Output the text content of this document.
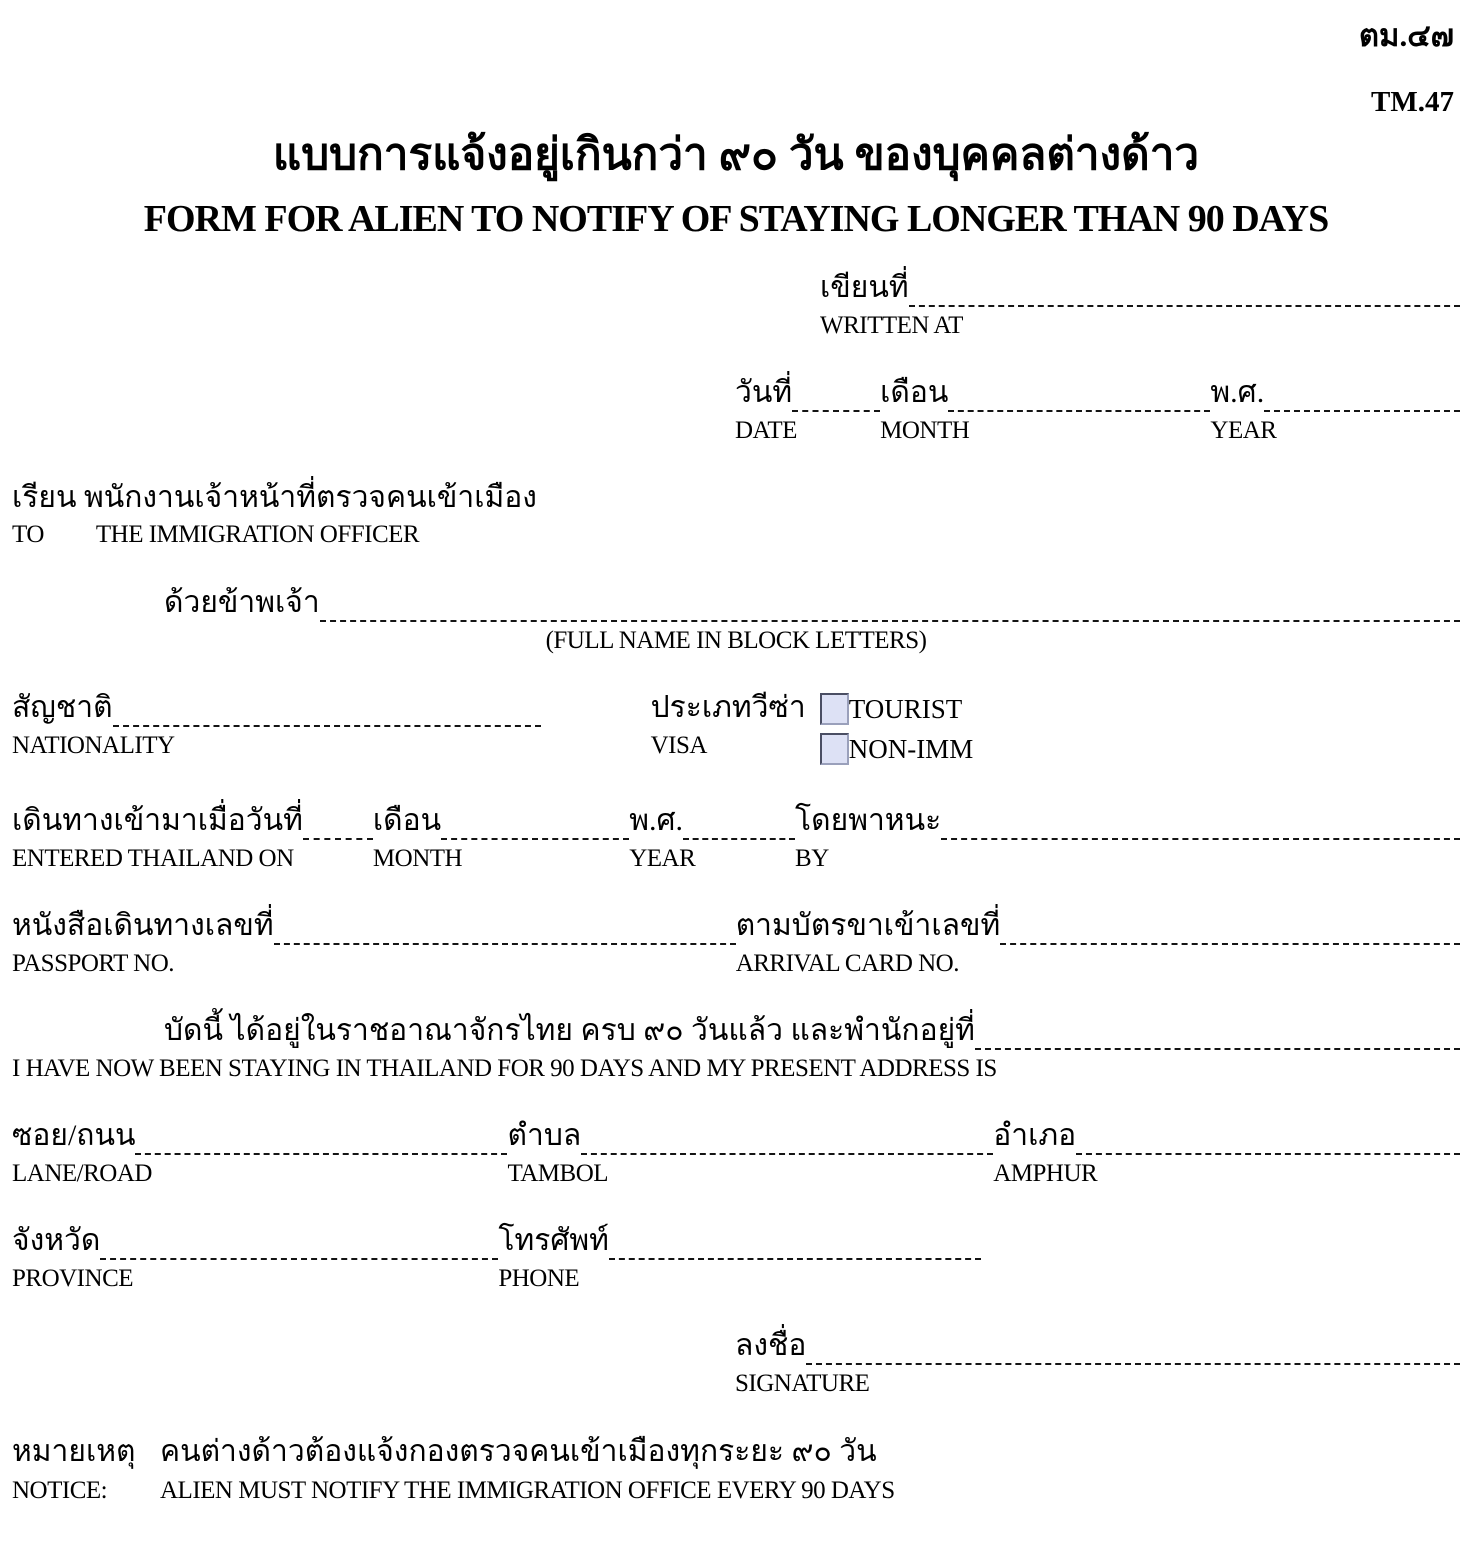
ตม.๔๗
TM.47
แบบการแจ้งอยู่เกินกว่า ๙๐ วัน ของบุคคลต่างด้าว
FORM FOR ALIEN TO NOTIFY OF STAYING LONGER THAN 90 DAYS
เขียนที่
WRITTEN AT
วันที่
DATE
เดือน
MONTH
พ.ศ.
YEAR
เรียน พนักงานเจ้าหน้าที่ตรวจคนเข้าเมือง
TO THE IMMIGRATION OFFICER
ด้วยข้าพเจ้า
(FULL NAME IN BLOCK LETTERS)
สัญชาติ
NATIONALITY
ประเภทวีซ่า
VISA
TOURIST
NON-IMM
เดินทางเข้ามาเมื่อวันที่
ENTERED THAILAND ON
เดือน
MONTH
พ.ศ.
YEAR
โดยพาหนะ
BY
หนังสือเดินทางเลขที่
PASSPORT NO.
ตามบัตรขาเข้าเลขที่
ARRIVAL CARD NO.
บัดนี้ ได้อยู่ในราชอาณาจักรไทย ครบ ๙๐ วันแล้ว และพำนักอยู่ที่
I HAVE NOW BEEN STAYING IN THAILAND FOR 90 DAYS AND MY PRESENT ADDRESS IS
ซอย/ถนน
LANE/ROAD
ตำบล
TAMBOL
อำเภอ
AMPHUR
จังหวัด
PROVINCE
โทรศัพท์
PHONE
ลงชื่อ
SIGNATURE
หมายเหตุ คนต่างด้าวต้องแจ้งกองตรวจคนเข้าเมืองทุกระยะ ๙๐ วัน
NOTICE:	ALIEN MUST NOTIFY THE IMMIGRATION OFFICE EVERY 90 DAYS
